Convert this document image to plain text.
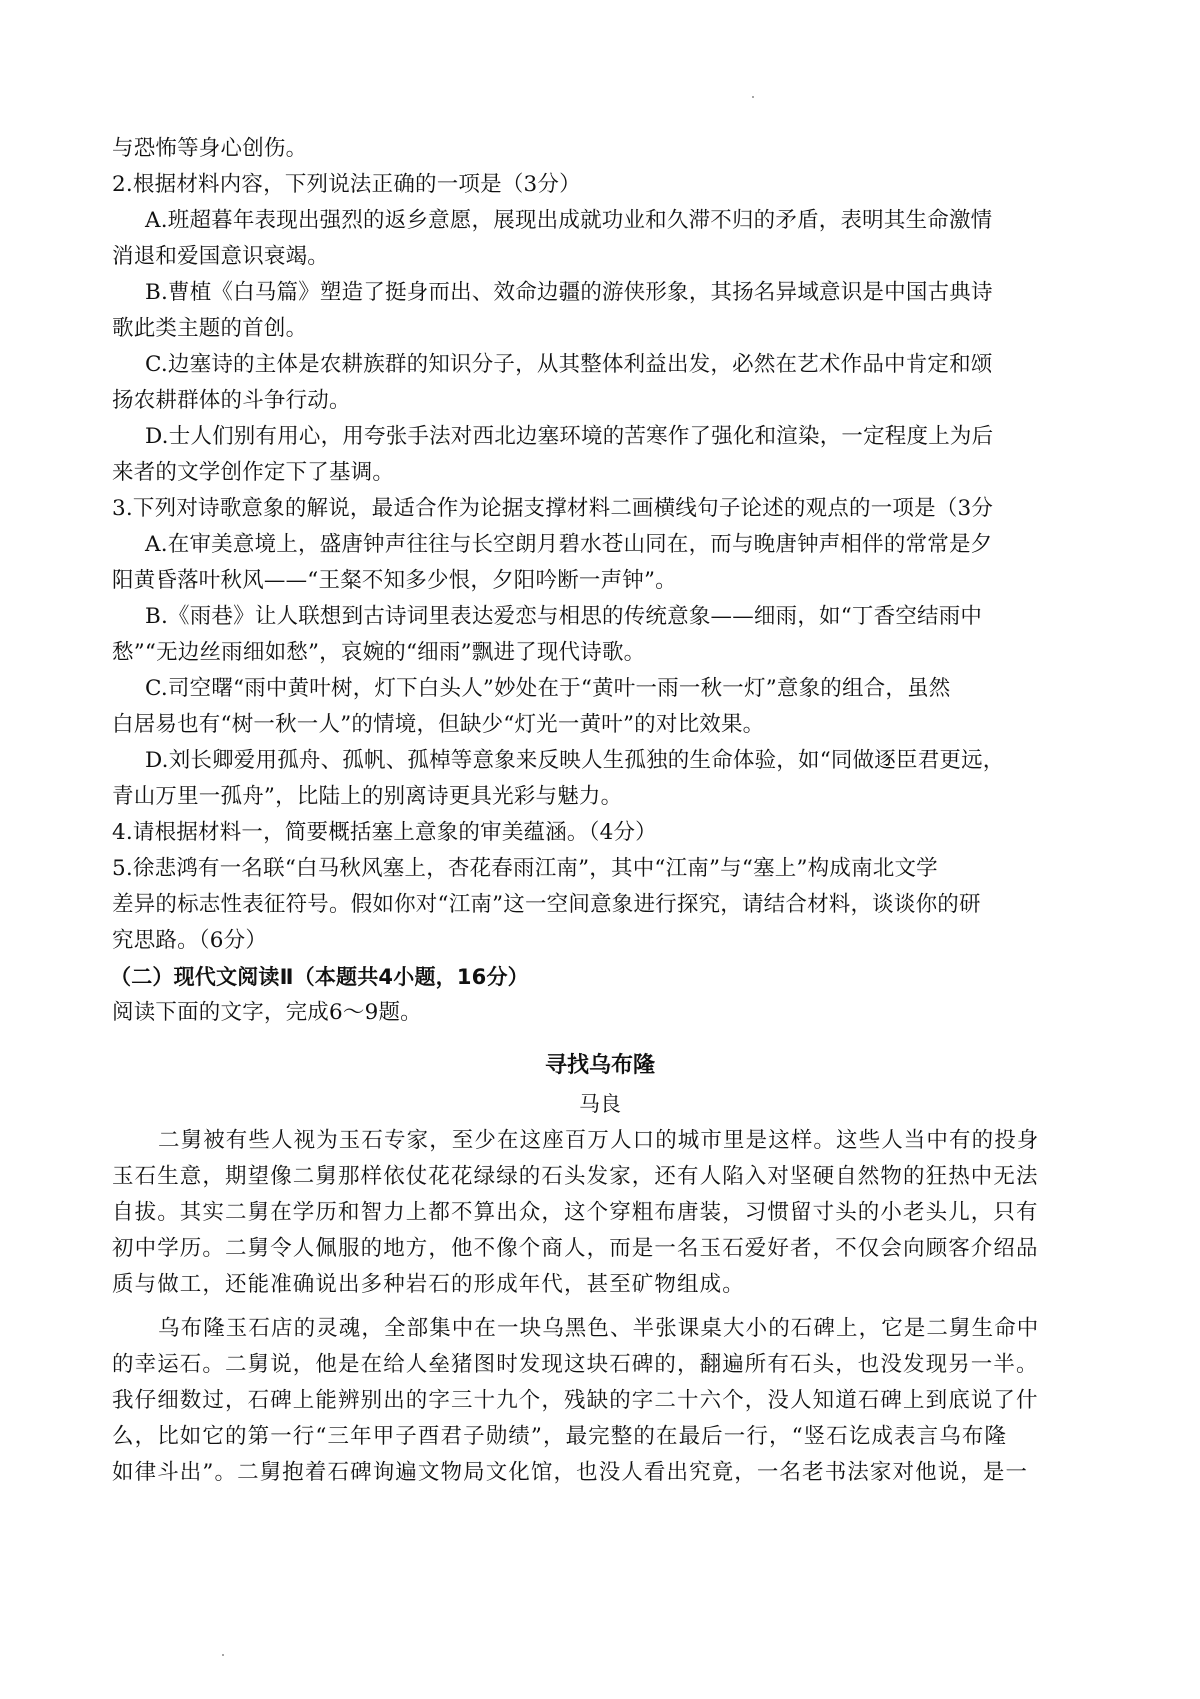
与恐怖等身心创伤。
2.根据材料内容，下列说法正确的一项是（3分）
A.班超暮年表现出强烈的返乡意愿，展现出成就功业和久滞不归的矛盾，表明其生命激情
消退和爱国意识衰竭。
B.曹植《白马篇》塑造了挺身而出、效命边疆的游侠形象，其扬名异域意识是中国古典诗
歌此类主题的首创。
C.边塞诗的主体是农耕族群的知识分子，从其整体利益出发，必然在艺术作品中肯定和颂
扬农耕群体的斗争行动。
D.士人们别有用心，用夸张手法对西北边塞环境的苦寒作了强化和渲染，一定程度上为后
来者的文学创作定下了基调。
3.下列对诗歌意象的解说，最适合作为论据支撑材料二画横线句子论述的观点的一项是（3分
A.在审美意境上，盛唐钟声往往与长空朗月碧水苍山同在，而与晚唐钟声相伴的常常是夕
阳黄昏落叶秋风——“王粲不知多少恨，夕阳吟断一声钟”。
B.《雨巷》让人联想到古诗词里表达爱恋与相思的传统意象——细雨，如“丁香空结雨中
愁”“无边丝雨细如愁”，哀婉的“细雨”飘进了现代诗歌。
C.司空曙“雨中黄叶树，灯下白头人”妙处在于“黄叶一雨一秋一灯”意象的组合，虽然
白居易也有“树一秋一人”的情境，但缺少“灯光一黄叶”的对比效果。
D.刘长卿爱用孤舟、孤帆、孤棹等意象来反映人生孤独的生命体验，如“同做逐臣君更远，
青山万里一孤舟”，比陆上的别离诗更具光彩与魅力。
4.请根据材料一，简要概括塞上意象的审美蕴涵。（4分）
5.徐悲鸿有一名联“白马秋风塞上，杏花春雨江南”，其中“江南”与“塞上”构成南北文学
差异的标志性表征符号。假如你对“江南”这一空间意象进行探究，请结合材料，谈谈你的研
究思路。（6分）
（二）现代文阅读Ⅱ（本题共4小题，16分）
阅读下面的文字，完成6～9题。
寻找乌布隆
马良
二舅被有些人视为玉石专家，至少在这座百万人口的城市里是这样。这些人当中有的投身
玉石生意，期望像二舅那样依仗花花绿绿的石头发家，还有人陷入对坚硬自然物的狂热中无法
自拔。其实二舅在学历和智力上都不算出众，这个穿粗布唐装，习惯留寸头的小老头儿，只有
初中学历。二舅令人佩服的地方，他不像个商人，而是一名玉石爱好者，不仅会向顾客介绍品
质与做工，还能准确说出多种岩石的形成年代，甚至矿物组成。
乌布隆玉石店的灵魂，全部集中在一块乌黑色、半张课桌大小的石碑上，它是二舅生命中
的幸运石。二舅说，他是在给人垒猪图时发现这块石碑的，翻遍所有石头，也没发现另一半。
我仔细数过，石碑上能辨别出的字三十九个，残缺的字二十六个，没人知道石碑上到底说了什
么，比如它的第一行“三年甲子酉君子勋绩”，最完整的在最后一行，“竖石讫成表言乌布隆
如律斗出”。二舅抱着石碑询遍文物局文化馆，也没人看出究竟，一名老书法家对他说，是一
